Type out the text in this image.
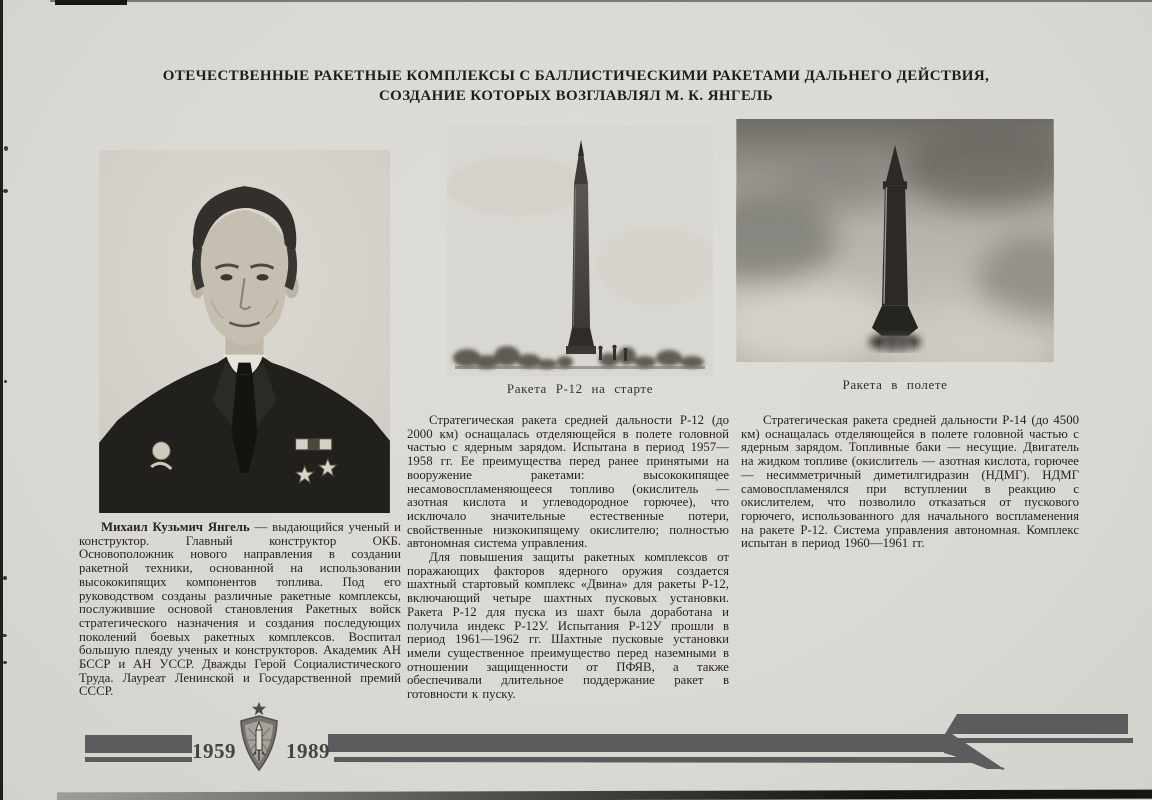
ОТЕЧЕСТВЕННЫЕ РАКЕТНЫЕ КОМПЛЕКСЫ С БАЛЛИСТИЧЕСКИМИ РАКЕТАМИ ДАЛЬНЕГО ДЕЙСТВИЯ,
СОЗДАНИЕ КОТОРЫХ ВОЗГЛАВЛЯЛ М. К. ЯНГЕЛЬ
Ракета Р-12 на старте	Ракета в полете

Михаил Кузьмич Янгель — выдающийся ученый и конструктор. Главный конструктор ОКБ. Основоположник нового направления в создании ракетной техники, основанной на использовании высококипящих компонентов топлива. Под его руководством созданы различные ракетные комплексы, послужившие основой становления Ракетных войск стратегического назначения и создания последующих поколений боевых ракетных комплексов. Воспитал большую плеяду ученых и конструкторов. Академик АН БССР и АН УССР. Дважды Герой Социалистического Труда. Лауреат Ленинской и Государственной премий СССР.

Стратегическая ракета средней дальности Р-12 (до 2000 км) оснащалась отделяющейся в полете головной частью с ядерным зарядом. Испытана в период 1957—1958 гг. Ее преимущества перед ранее принятыми на вооружение ракетами: высококипящее несамовоспламеняющееся топливо (окислитель — азотная кислота и углеводородное горючее), что исключало значительные естественные потери, свойственные низкокипящему окислителю; полностью автономная система управления.

Для повышения защиты ракетных комплексов от поражающих факторов ядерного оружия создается шахтный стартовый комплекс «Двина» для ракеты Р-12, включающий четыре шахтных пусковых установки. Ракета Р-12 для пуска из шахт была доработана и получила индекс Р-12У. Испытания Р-12У прошли в период 1961—1962 гг. Шахтные пусковые установки имели существенное преимущество перед наземными в отношении защищенности от ПФЯВ, а также обеспечивали длительное поддержание ракет в готовности к пуску.

Стратегическая ракета средней дальности Р-14 (до 4500 км) оснащалась отделяющейся в полете головной частью с ядерным зарядом. Топливные баки — несущие. Двигатель на жидком топливе (окислитель — азотная кислота, горючее — несимметричный диметилгидразин (НДМГ). НДМГ самовоспламенялся при вступлении в реакцию с окислителем, что позволило отказаться от пускового горючего, использованного для начального воспламенения на ракете Р-12. Система управления автономная. Комплекс испытан в период 1960—1961 гг.

1959 1989
